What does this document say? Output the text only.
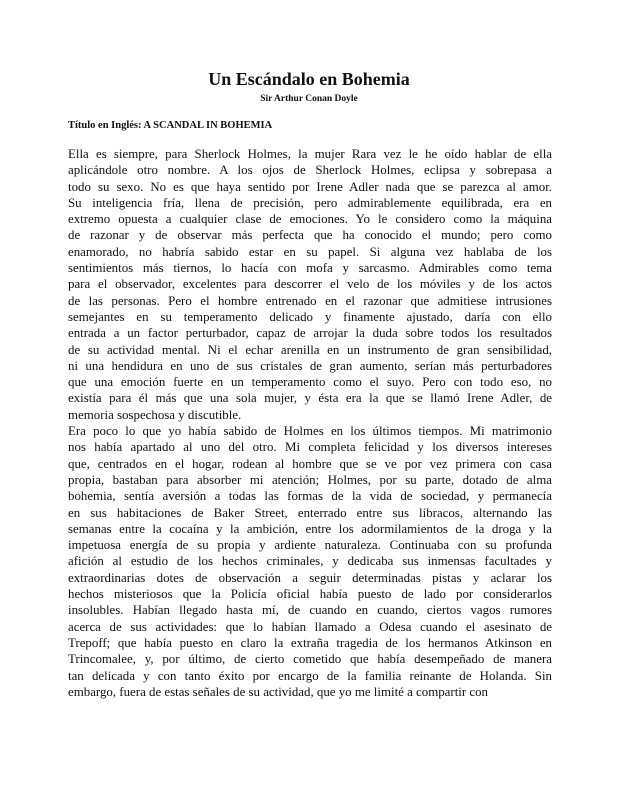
Un Escándalo en Bohemia
Sir Arthur Conan Doyle
Título en Inglés: A SCANDAL IN BOHEMIA
Ella es siempre, para Sherlock Holmes, la mujer Rara vez le he oído hablar de ella
aplicándole otro nombre. A los ojos de Sherlock Holmes, eclipsa y sobrepasa a
todo su sexo. No es que haya sentido por Irene Adler nada que se parezca al amor.
Su inteligencia fría, llena de precisión, pero admirablemente equilibrada, era en
extremo opuesta a cualquier clase de emociones. Yo le considero como la máquina
de razonar y de observar más perfecta que ha conocido el mundo; pero como
enamorado, no habría sabido estar en su papel. Si alguna vez hablaba de los
sentimientos más tiernos, lo hacía con mofa y sarcasmo. Admirables como tema
para el observador, excelentes para descorrer el velo de los móviles y de los actos
de las personas. Pero el hombre entrenado en el razonar que admitiese intrusiones
semejantes en su temperamento delicado y finamente ajustado, daría con ello
entrada a un factor perturbador, capaz de arrojar la duda sobre todos los resultados
de su actividad mental. Ni el echar arenilla en un instrumento de gran sensibilidad,
ni una hendidura en uno de sus cristales de gran aumento, serían más perturbadores
que una emoción fuerte en un temperamento como el suyo. Pero con todo eso, no
existía para él más que una sola mujer, y ésta era la que se llamó Irene Adler, de
memoria sospechosa y discutible.
Era poco lo que yo había sabido de Holmes en los últimos tiempos. Mi matrimonio
nos había apartado al uno del otro. Mi completa felicidad y los diversos intereses
que, centrados en el hogar, rodean al hombre que se ve por vez primera con casa
propia, bastaban para absorber mi atención; Holmes, por su parte, dotado de alma
bohemia, sentía aversión a todas las formas de la vida de sociedad, y permanecía
en sus habitaciones de Baker Street, enterrado entre sus libracos, alternando las
semanas entre la cocaína y la ambición, entre los adormilamientos de la droga y la
impetuosa energía de su propia y ardiente naturaleza. Continuaba con su profunda
afición al estudio de los hechos criminales, y dedicaba sus inmensas facultades y
extraordinarias dotes de observación a seguir determinadas pistas y aclarar los
hechos misteriosos que la Policía oficial había puesto de lado por considerarlos
insolubles. Habían llegado hasta mí, de cuando en cuando, ciertos vagos rumores
acerca de sus actividades: que lo habían llamado a Odesa cuando el asesinato de
Trepoff; que había puesto en claro la extraña tragedia de los hermanos Atkinson en
Trincomalee, y, por último, de cierto cometido que había desempeñado de manera
tan delicada y con tanto éxito por encargo de la familia reinante de Holanda. Sin
embargo, fuera de estas señales de su actividad, que yo me limité a compartir con
